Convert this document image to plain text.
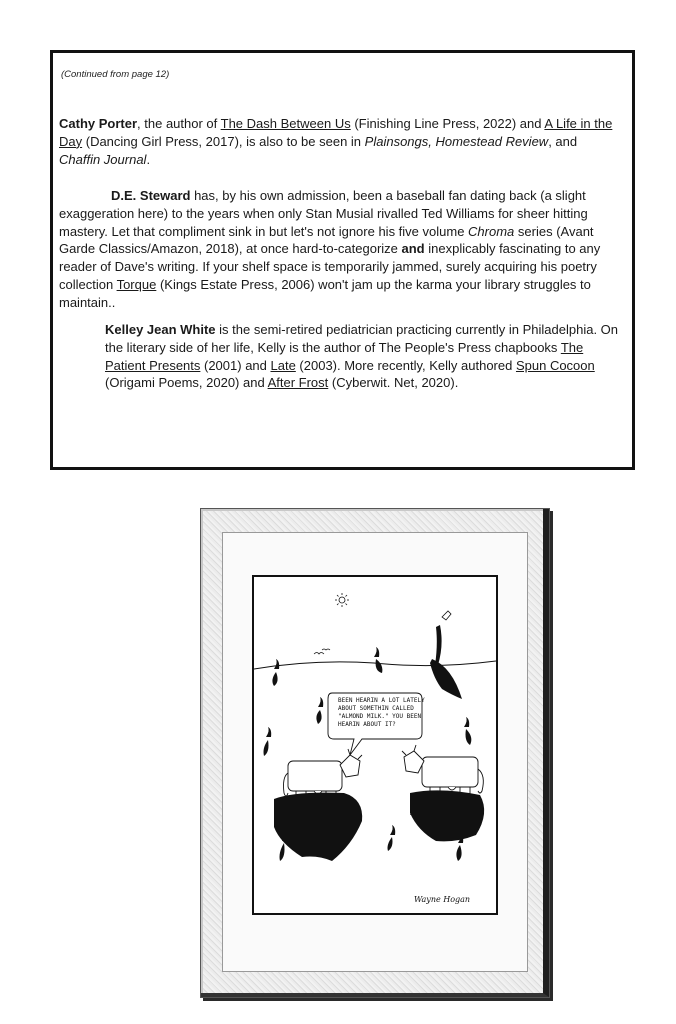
(Continued from page 12)
Cathy Porter, the author of The Dash Between Us (Finishing Line Press, 2022) and A Life in the Day (Dancing Girl Press, 2017), is also to be seen in Plainsongs, Homestead Review, and Chaffin Journal.
D.E. Steward has, by his own admission, been a baseball fan dating back (a slight exaggeration here) to the years when only Stan Musial rivalled Ted Williams for sheer hitting mastery. Let that compliment sink in but let's not ignore his five volume Chroma series (Avant Garde Classics/Amazon, 2018), at once hard-to-categorize and inexplicably fascinating to any reader of Dave's writing. If your shelf space is temporarily jammed, surely acquiring his poetry collection Torque (Kings Estate Press, 2006) won't jam up the karma your library struggles to maintain..
Kelley Jean White is the semi-retired pediatrician practicing currently in Philadelphia. On the literary side of her life, Kelly is the author of The People's Press chapbooks The Patient Presents (2001) and Late (2003). More recently, Kelly authored Spun Cocoon (Origami Poems, 2020) and After Frost (Cyberwit. Net, 2020).
BEEN HEARIN A LOT LATELY ABOUT SOMETHIN CALLED "ALMOND MILK." YOU BEEN HEARIN ABOUT IT?
Wayne Hogan
